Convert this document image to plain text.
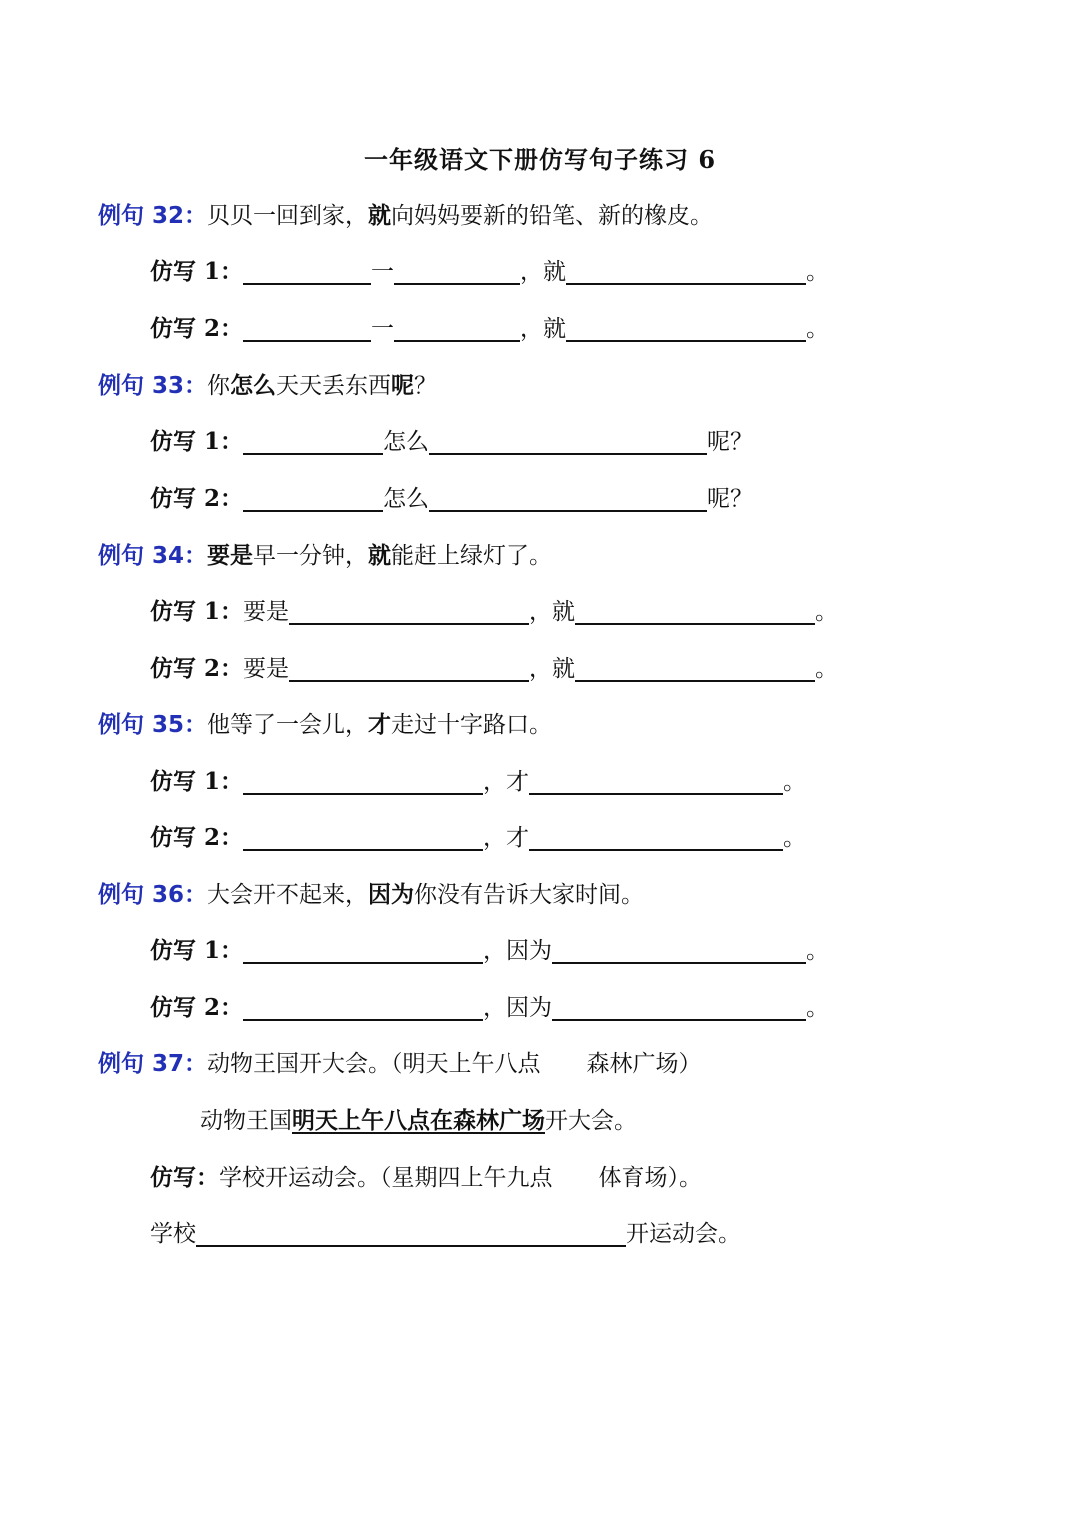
一年级语文下册仿写句子练习 6
例句 32：贝贝一回到家，就向妈妈要新的铅笔、新的橡皮。
仿写 1：	一	，就	。
仿写 2：	一	，就	。
例句 33：你怎么天天丢东西呢？
仿写 1：	怎么	呢？
仿写 2：	怎么	呢？
例句 34：要是早一分钟，就能赶上绿灯了。
仿写 1：要是	，就	。
仿写 2：要是	，就	。
例句 35：他等了一会儿，才走过十字路口。
仿写 1：	，才	。
仿写 2：	，才	。
例句 36：大会开不起来，因为你没有告诉大家时间。
仿写 1：	，因为	。
仿写 2：	，因为	。
例句 37：动物王国开大会。（明天上午八点 森林广场）
动物王国明天上午八点在森林广场开大会。
仿写：学校开运动会。（星期四上午九点 体育场）。
学校	开运动会。
